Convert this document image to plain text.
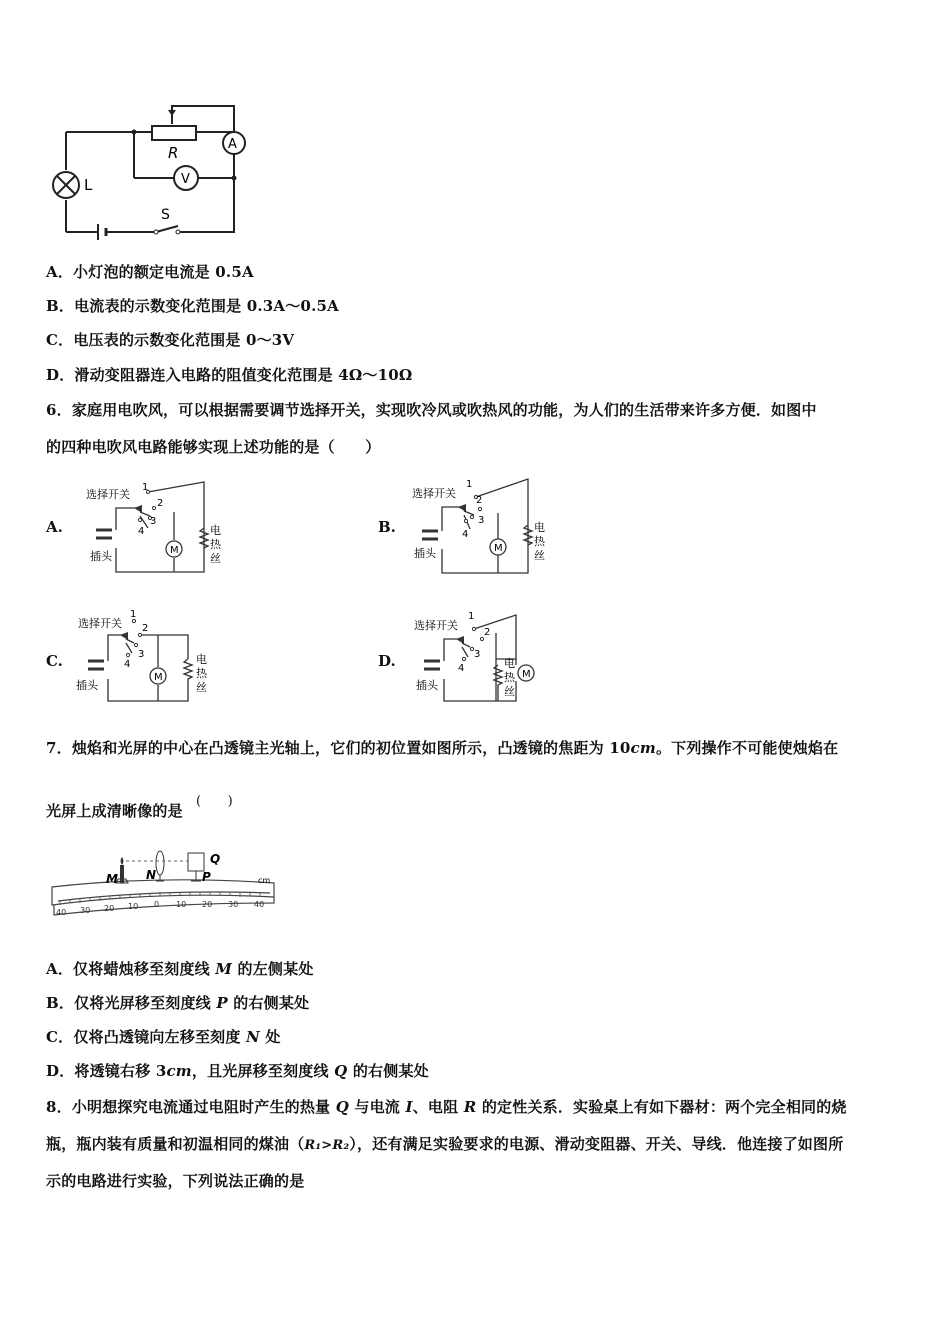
L
R	A
V
S
A．小灯泡的额定电流是 0.5A
B．电流表的示数变化范围是 0.3A～0.5A
C．电压表的示数变化范围是 0～3V
D．滑动变阻器连入电路的阻值变化范围是 4Ω～10Ω
6．家庭用电吹风，可以根据需要调节选择开关，实现吹冷风或吹热风的功能，为人们的生活带来许多方便．如图中
的四种电吹风电路能够实现上述功能的是（　　）
A.	B.
C.	D.
选择开关
1
2
3
4
M
电
热
丝
插头
选择开关
1
2
3
4
M
电
热
丝
插头
选择开关
1
2
3
4
M
电
热
丝
插头
选择开关
1
2
3
4
M
电
热
丝
插头
7．烛焰和光屏的中心在凸透镜主光轴上，它们的初位置如图所示，凸透镜的焦距为 10cm。下列操作不可能使烛焰在
光屏上成清晰像的是
(　　)
M N	P
Q
cm
40 30 20 10 0 10 20 30 40
A．仅将蜡烛移至刻度线 M 的左侧某处
B．仅将光屏移至刻度线 P 的右侧某处
C．仅将凸透镜向左移至刻度 N 处
D．将透镜右移 3cm，且光屏移至刻度线 Q 的右侧某处
8．小明想探究电流通过电阻时产生的热量 Q 与电流 I、电阻 R 的定性关系．实验桌上有如下器材：两个完全相同的烧
瓶，瓶内装有质量和初温相同的煤油（R₁>R₂），还有满足实验要求的电源、滑动变阻器、开关、导线．他连接了如图所
示的电路进行实验，下列说法正确的是
